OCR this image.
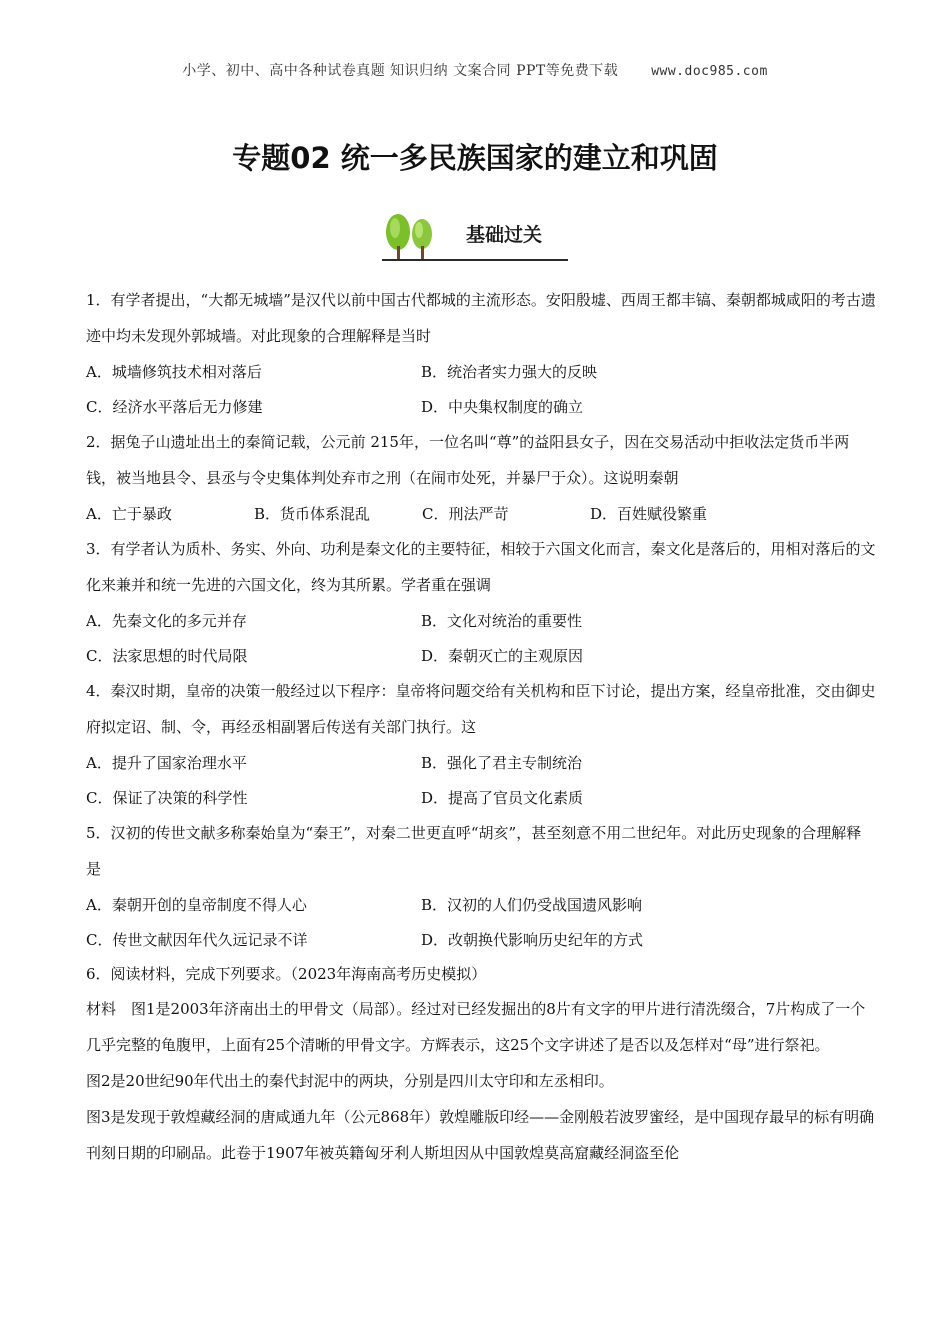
小学、初中、高中各种试卷真题 知识归纳 文案合同 PPT等免费下载	www.doc985.com
专题02 统一多民族国家的建立和巩固
基础过关

1．有学者提出，“大都无城墙”是汉代以前中国古代都城的主流形态。安阳殷墟、西周王都丰镐、秦朝都城咸阳的考古遗迹中均未发现外郭城墙。对此现象的合理解释是当时

A．城墙修筑技术相对落后	B．统治者实力强大的反映
C．经济水平落后无力修建	D．中央集权制度的确立

2．据兔子山遗址出土的秦简记载，公元前 215年，一位名叫“尊”的益阳县女子，因在交易活动中拒收法定货币半两钱，被当地县令、县丞与令史集体判处弃市之刑（在闹市处死，并暴尸于众）。这说明秦朝

A．亡于暴政	B．货币体系混乱	C．刑法严苛	D．百姓赋役繁重

3．有学者认为质朴、务实、外向、功利是秦文化的主要特征，相较于六国文化而言，秦文化是落后的，用相对落后的文化来兼并和统一先进的六国文化，终为其所累。学者重在强调

A．先秦文化的多元并存	B．文化对统治的重要性
C．法家思想的时代局限	D．秦朝灭亡的主观原因

4．秦汉时期，皇帝的决策一般经过以下程序：皇帝将问题交给有关机构和臣下讨论，提出方案，经皇帝批准，交由御史府拟定诏、制、令，再经丞相副署后传送有关部门执行。这

A．提升了国家治理水平	B．强化了君主专制统治
C．保证了决策的科学性	D．提高了官员文化素质

5．汉初的传世文献多称秦始皇为“秦王”，对秦二世更直呼“胡亥”，甚至刻意不用二世纪年。对此历史现象的合理解释是

A．秦朝开创的皇帝制度不得人心	B．汉初的人们仍受战国遗风影响
C．传世文献因年代久远记录不详	D．改朝换代影响历史纪年的方式

6．阅读材料，完成下列要求。（2023年海南高考历史模拟）

材料　图1是2003年济南出土的甲骨文（局部）。经过对已经发掘出的8片有文字的甲片进行清洗缀合，7片构成了一个几乎完整的龟腹甲，上面有25个清晰的甲骨文字。方辉表示，这25个文字讲述了是否以及怎样对“母”进行祭祀。

图2是20世纪90年代出土的秦代封泥中的两块，分别是四川太守印和左丞相印。

图3是发现于敦煌藏经洞的唐咸通九年（公元868年）敦煌雕版印经——金刚般若波罗蜜经，是中国现存最早的标有明确刊刻日期的印刷品。此卷于1907年被英籍匈牙利人斯坦因从中国敦煌莫高窟藏经洞盗至伦
